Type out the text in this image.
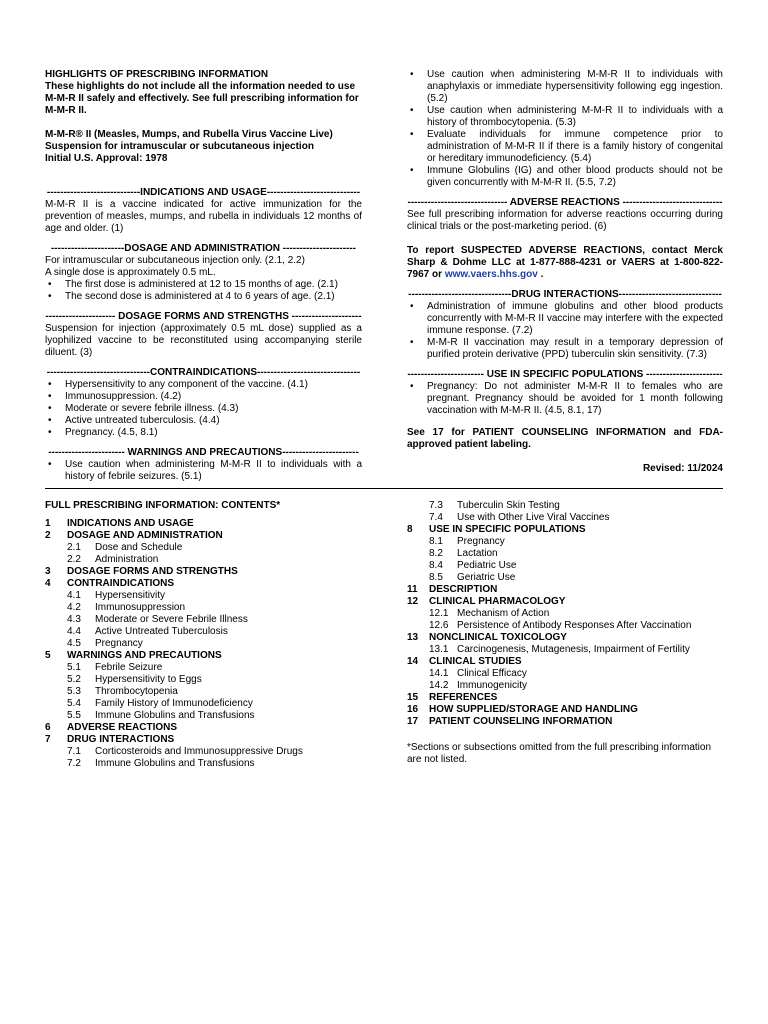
HIGHLIGHTS OF PRESCRIBING INFORMATION

These highlights do not include all the information needed to use M-M-R II safely and effectively. See full prescribing information for M-M-R II.

M-M-R® II (Measles, Mumps, and Rubella Virus Vaccine Live)

Suspension for intramuscular or subcutaneous injection

Initial U.S. Approval: 1978

----------------------------INDICATIONS AND USAGE----------------------------

M-M-R II is a vaccine indicated for active immunization for the prevention of measles, mumps, and rubella in individuals 12 months of age and older. (1)

----------------------DOSAGE AND ADMINISTRATION ----------------------

For intramuscular or subcutaneous injection only. (2.1, 2.2)

A single dose is approximately 0.5 mL.

• The first dose is administered at 12 to 15 months of age. (2.1)
• The second dose is administered at 4 to 6 years of age. (2.1)

--------------------- DOSAGE FORMS AND STRENGTHS ---------------------

Suspension for injection (approximately 0.5 mL dose) supplied as a lyophilized vaccine to be reconstituted using accompanying sterile diluent. (3)

-------------------------------CONTRAINDICATIONS-------------------------------

• Hypersensitivity to any component of the vaccine. (4.1)
• Immunosuppression. (4.2)
• Moderate or severe febrile illness. (4.3)
• Active untreated tuberculosis. (4.4)
• Pregnancy. (4.5, 8.1)

----------------------- WARNINGS AND PRECAUTIONS-----------------------

• Use caution when administering M-M-R II to individuals with a history of febrile seizures. (5.1)
• Use caution when administering M-M-R II to individuals with anaphylaxis or immediate hypersensitivity following egg ingestion. (5.2)
• Use caution when administering M-M-R II to individuals with a history of thrombocytopenia. (5.3)
• Evaluate individuals for immune competence prior to administration of M-M-R II if there is a family history of congenital or hereditary immunodeficiency. (5.4)
• Immune Globulins (IG) and other blood products should not be given concurrently with M-M-R II. (5.5, 7.2)

------------------------------ ADVERSE REACTIONS ------------------------------

See full prescribing information for adverse reactions occurring during clinical trials or the post-marketing period. (6)

To report SUSPECTED ADVERSE REACTIONS, contact Merck Sharp & Dohme LLC at 1-877-888-4231 or VAERS at 1-800-822-7967 or www.vaers.hhs.gov .

-------------------------------DRUG INTERACTIONS-------------------------------

• Administration of immune globulins and other blood products concurrently with M-M-R II vaccine may interfere with the expected immune response. (7.2)
• M-M-R II vaccination may result in a temporary depression of purified protein derivative (PPD) tuberculin skin sensitivity. (7.3)

----------------------- USE IN SPECIFIC POPULATIONS -----------------------

• Pregnancy: Do not administer M-M-R II to females who are pregnant. Pregnancy should be avoided for 1 month following vaccination with M-M-R II. (4.5, 8.1, 17)

See 17 for PATIENT COUNSELING INFORMATION and FDA-approved patient labeling.

Revised: 11/2024

FULL PRESCRIBING INFORMATION: CONTENTS*

1	INDICATIONS AND USAGE
2	DOSAGE AND ADMINISTRATION
2.1	Dose and Schedule
2.2	Administration
3	DOSAGE FORMS AND STRENGTHS
4	CONTRAINDICATIONS
4.1	Hypersensitivity
4.2	Immunosuppression
4.3	Moderate or Severe Febrile Illness
4.4	Active Untreated Tuberculosis
4.5	Pregnancy
5	WARNINGS AND PRECAUTIONS
5.1	Febrile Seizure
5.2	Hypersensitivity to Eggs
5.3	Thrombocytopenia
5.4	Family History of Immunodeficiency
5.5	Immune Globulins and Transfusions
6	ADVERSE REACTIONS
7	DRUG INTERACTIONS
7.1	Corticosteroids and Immunosuppressive Drugs
7.2	Immune Globulins and Transfusions
7.3	Tuberculin Skin Testing
7.4	Use with Other Live Viral Vaccines
8	USE IN SPECIFIC POPULATIONS
8.1	Pregnancy
8.2	Lactation
8.4	Pediatric Use
8.5	Geriatric Use
11	DESCRIPTION
12	CLINICAL PHARMACOLOGY
12.1 Mechanism of Action
12.6 Persistence of Antibody Responses After Vaccination
13	NONCLINICAL TOXICOLOGY
13.1 Carcinogenesis, Mutagenesis, Impairment of Fertility
14	CLINICAL STUDIES
14.1 Clinical Efficacy
14.2 Immunogenicity
15	REFERENCES
16	HOW SUPPLIED/STORAGE AND HANDLING
17	PATIENT COUNSELING INFORMATION

*Sections or subsections omitted from the full prescribing information are not listed.
